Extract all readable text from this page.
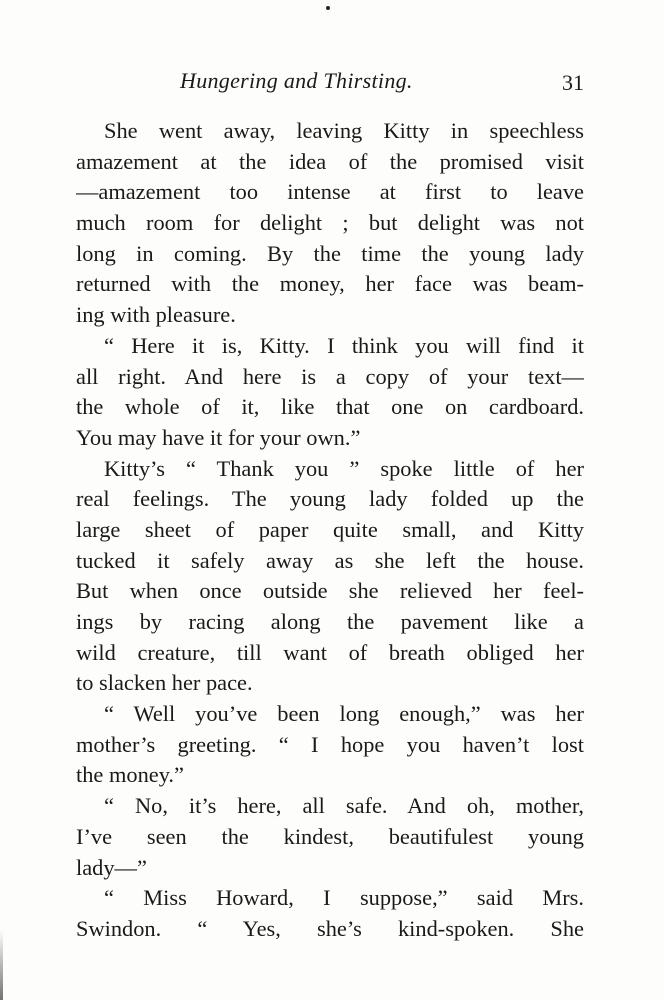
Hungering and Thirsting.	31
She went away, leaving Kitty in speechless
amazement at the idea of the promised visit
—amazement too intense at first to leave
much room for delight ; but delight was not
long in coming. By the time the young lady
returned with the money, her face was beam-
ing with pleasure.
“ Here it is, Kitty. I think you will find it
all right. And here is a copy of your text—
the whole of it, like that one on cardboard.
You may have it for your own.”
Kitty’s “ Thank you ” spoke little of her
real feelings. The young lady folded up the
large sheet of paper quite small, and Kitty
tucked it safely away as she left the house.
But when once outside she relieved her feel-
ings by racing along the pavement like a
wild creature, till want of breath obliged her
to slacken her pace.
“ Well you’ve been long enough,” was her
mother’s greeting. “ I hope you haven’t lost
the money.”
“ No, it’s here, all safe. And oh, mother,
I’ve seen the kindest, beautifulest young
lady—”
“ Miss Howard, I suppose,” said Mrs.
Swindon. “ Yes, she’s kind-spoken. She
